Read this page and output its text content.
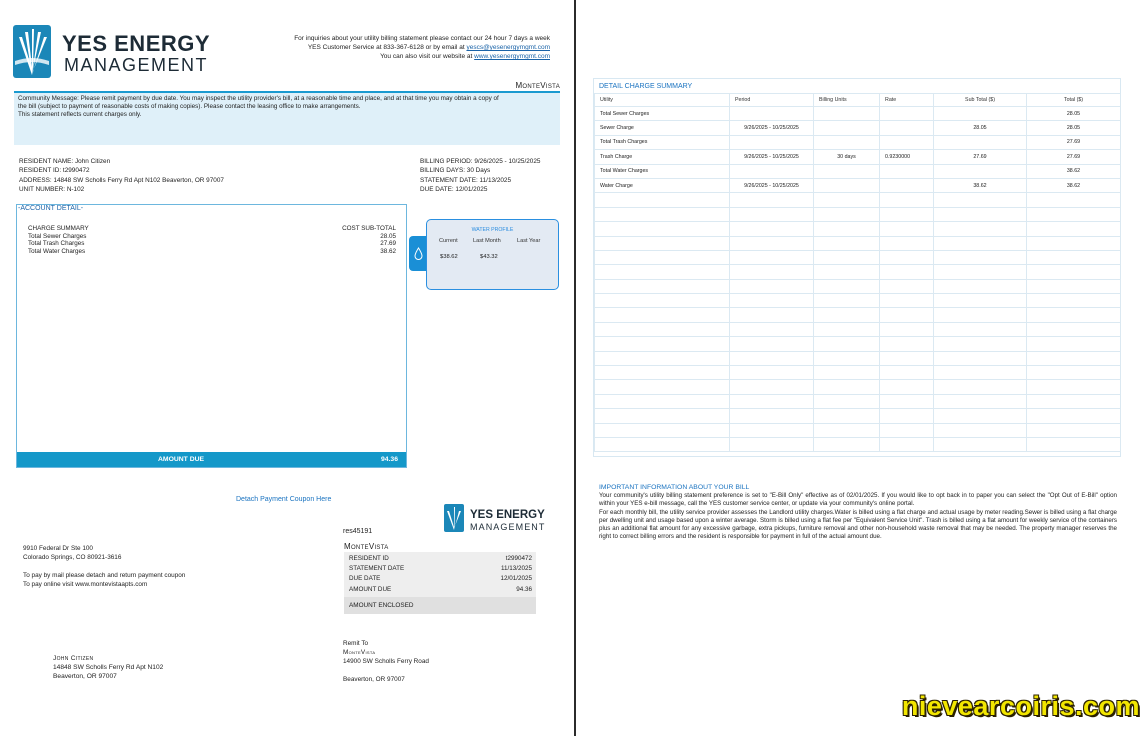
YES ENERGY
MANAGEMENT
For inquiries about your utility billing statement please contact our 24 hour 7 days a week
YES Customer Service at 833-367-6128 or by email at yescs@yesenergymgmt.com
You can also visit our website at www.yesenergymgmt.com
MonteVista
Community Message: Please remit payment by due date. You may inspect the utility provider's bill, at a reasonable time and place, and at that time you may obtain a copy of
the bill (subject to payment of reasonable costs of making copies). Please contact the leasing office to make arrangements.
This statement reflects current charges only.
RESIDENT NAME: John Citizen
RESIDENT ID: t2990472
ADDRESS: 14848 SW Scholls Ferry Rd Apt N102 Beaverton, OR 97007
UNIT NUMBER: N-102
BILLING PERIOD: 9/26/2025 - 10/25/2025
BILLING DAYS: 30 Days
STATEMENT DATE: 11/13/2025
DUE DATE: 12/01/2025
-ACCOUNT DETAIL-
CHARGE SUMMARY	COST SUB-TOTAL
Total Sewer Charges	28.05
Total Trash Charges	27.69
Total Water Charges	38.62
AMOUNT DUE	94.36
WATER PROFILE
Current	Last Month	Last Year
$38.62	$43.32
Detach Payment Coupon Here
9910 Federal Dr Ste 100
Colorado Springs, CO 80921-3616
To pay by mail please detach and return payment coupon
To pay online visit www.montevistaapts.com
YES ENERGY
MANAGEMENT
res45191
MonteVista
RESIDENT ID	t2990472
STATEMENT DATE	11/13/2025
DUE DATE	12/01/2025
AMOUNT DUE	94.36
AMOUNT ENCLOSED
John Citizen
14848 SW Scholls Ferry Rd Apt N102
Beaverton, OR 97007
Remit To
MonteVista
14900 SW Scholls Ferry Road
Beaverton, OR 97007
DETAIL CHARGE SUMMARY
Utility	Period	Billing Units	Rate	Sub Total ($)	Total ($)
Total Sewer Charges					28.05
Sewer Charge	9/26/2025 - 10/25/2025			28.05	28.05
Total Trash Charges					27.69
Trash Charge	9/26/2025 - 10/25/2025	30 days	0.9230000	27.69	27.69
Total Water Charges					38.62
Water Charge	9/26/2025 - 10/25/2025			38.62	38.62

IMPORTANT INFORMATION ABOUT YOUR BILL
Your community's utility billing statement preference is set to "E-Bill Only" effective as of 02/01/2025. If you would like to opt back in to paper you can select the "Opt Out of E-Bill" option within your YES e-bill message, call the YES customer service center, or update via your community's online portal.
For each monthly bill, the utility service provider assesses the Landlord utility charges.Water is billed using a flat charge and actual usage by meter reading.Sewer is billed using a flat charge per dwelling unit and usage based upon a winter average. Storm is billed using a flat fee per "Equivalent Service Unit". Trash is billed using a flat amount for weekly service of the containers plus an additional flat amount for any excessive garbage, extra pickups, furniture removal and other non-household waste removal that may be needed. The property manager reserves the right to correct billing errors and the resident is responsible for payment in full of the actual amount due.
nievearcoiris.com
